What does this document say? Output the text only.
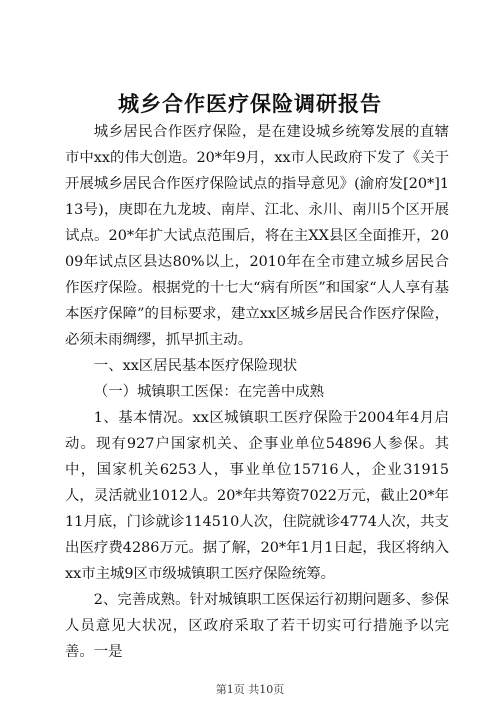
城乡合作医疗保险调研报告

城乡居民合作医疗保险，是在建设城乡统筹发展的直辖市中xx的伟大创造。20*年9月，xx市人民政府下发了《关于开展城乡居民合作医疗保险试点的指导意见》(渝府发[20*]113号)，庚即在九龙坡、南岸、江北、永川、南川5个区开展试点。20*年扩大试点范围后，将在主XX县区全面推开，2009年试点区县达80%以上，2010年在全市建立城乡居民合作医疗保险。根据党的十七大“病有所医”和国家“人人享有基本医疗保障”的目标要求，建立xx区城乡居民合作医疗保险，必须未雨绸缪，抓早抓主动。

一、xx区居民基本医疗保险现状

（一）城镇职工医保：在完善中成熟

1、基本情况。xx区城镇职工医疗保险于2004年4月启动。现有927户国家机关、企事业单位54896人参保。其中，国家机关6253人，事业单位15716人，企业31915人，灵活就业1012人。20*年共筹资7022万元，截止20*年11月底，门诊就诊114510人次，住院就诊4774人次，共支出医疗费4286万元。据了解，20*年1月1日起，我区将纳入xx市主城9区市级城镇职工医疗保险统筹。

2、完善成熟。针对城镇职工医保运行初期问题多、参保人员意见大状况，区政府采取了若干切实可行措施予以完善。一是

第1页 共10页
